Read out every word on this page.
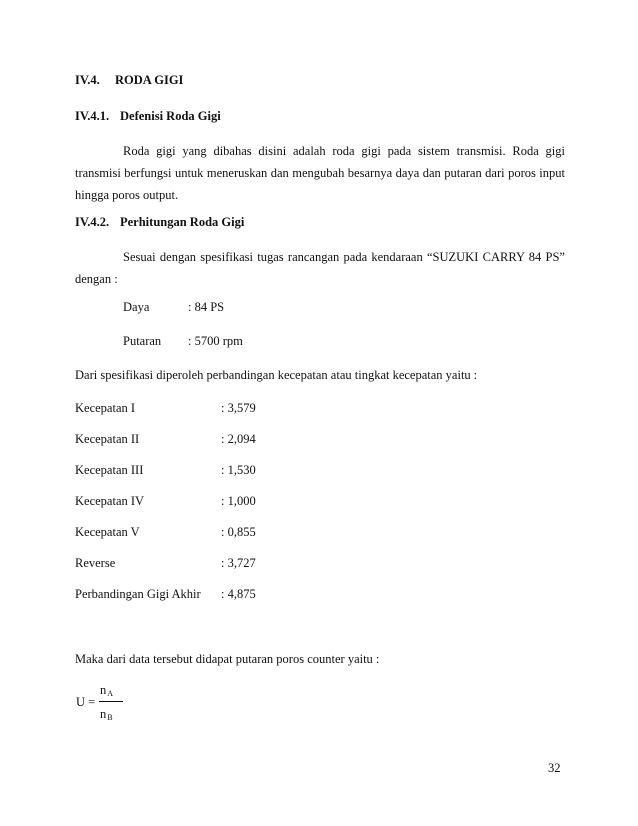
IV.4. RODA GIGI
IV.4.1. Defenisi Roda Gigi
Roda gigi yang dibahas disini adalah roda gigi pada sistem transmisi. Roda gigi transmisi berfungsi untuk meneruskan dan mengubah besarnya daya dan putaran dari poros input hingga poros output.
IV.4.2. Perhitungan Roda Gigi
Sesuai dengan spesifikasi tugas rancangan pada kendaraan “SUZUKI CARRY 84 PS” dengan :
Daya	: 84 PS
Putaran : 5700 rpm
Dari spesifikasi diperoleh perbandingan kecepatan atau tingkat kecepatan yaitu :
Kecepatan I	: 3,579
Kecepatan II	: 2,094
Kecepatan III	: 1,530
Kecepatan IV	: 1,000
Kecepatan V	: 0,855
Reverse	: 3,727
Perbandingan Gigi Akhir : 4,875
Maka dari data tersebut didapat putaran poros counter yaitu :
U =
$n_A$
$n_B$
32
